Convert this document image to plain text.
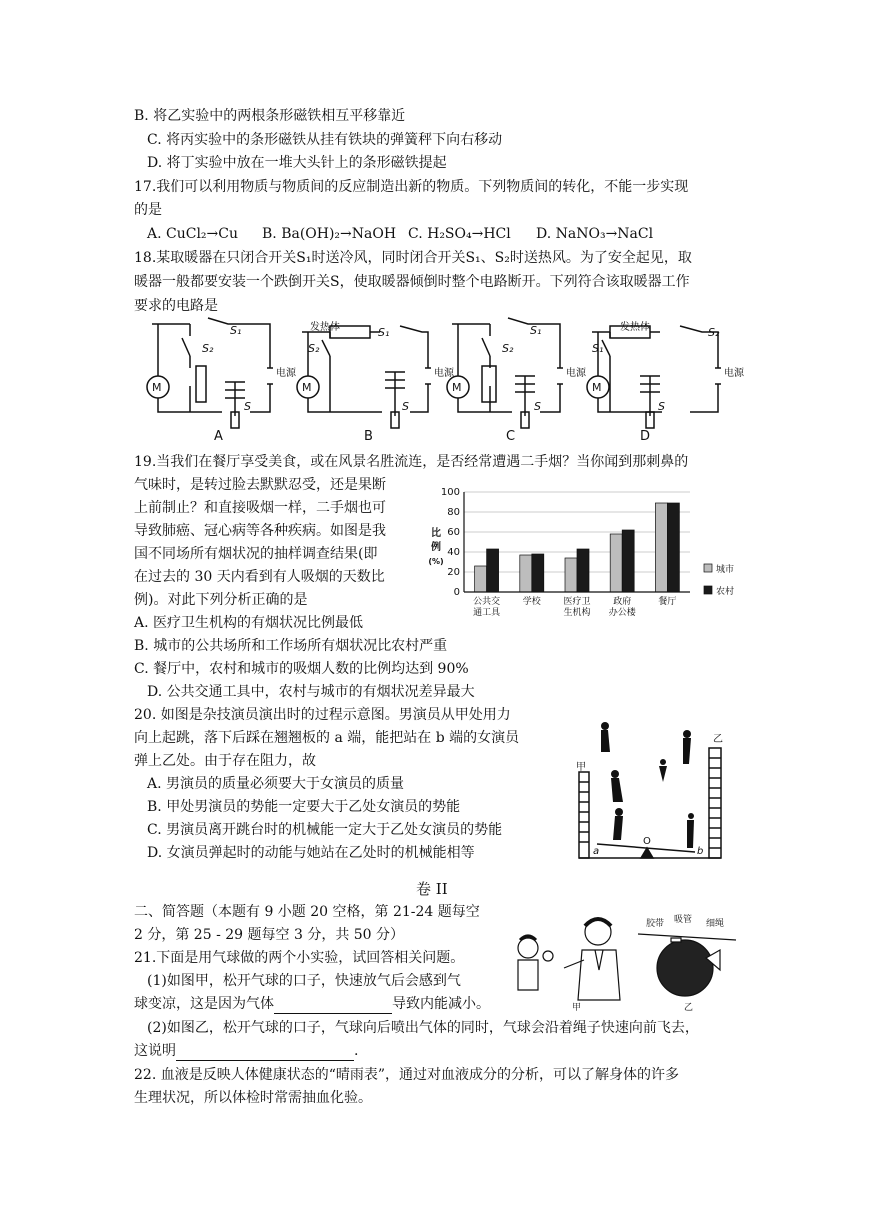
B. 将乙实验中的两根条形磁铁相互平移靠近
C. 将丙实验中的条形磁铁从挂有铁块的弹簧秤下向右移动
D. 将丁实验中放在一堆大头针上的条形磁铁提起
17.我们可以利用物质与物质间的反应制造出新的物质。下列物质间的转化，不能一步实现
的是
A. CuCl₂→Cu B. Ba(OH)₂→NaOH C. H₂SO₄→HCl D. NaNO₃→NaCl
18.某取暖器在只闭合开关S₁时送冷风，同时闭合开关S₁、S₂时送热风。为了安全起见，取
暖器一般都要安装一个跌倒开关S，使取暖器倾倒时整个电路断开。下列符合该取暖器工作
要求的电路是
S₁
S₂
M
S
电源
S₁
发热体
S₂
M
S
电源
S₁
S₂
M
S
电源
S₂
发热体
S₁
M
S
电源
A	B	C	D
19.当我们在餐厅享受美食，或在风景名胜流连，是否经常遭遇二手烟？当你闻到那刺鼻的
气味时，是转过脸去默默忍受，还是果断
上前制止？和直接吸烟一样，二手烟也可
导致肺癌、冠心病等各种疾病。如图是我
国不同场所有烟状况的抽样调查结果(即
在过去的 30 天内看到有人吸烟的天数比
例)。对此下列分析正确的是
A. 医疗卫生机构的有烟状况比例最低
B. 城市的公共场所和工作场所有烟状况比农村严重
C. 餐厅中，农村和城市的吸烟人数的比例均达到 90%
D. 公共交通工具中，农村与城市的有烟状况差异最大
0
20
40
60
80
100
公共交
通工具
学校	医疗卫
生机构
政府
办公楼
餐厅
比
例
(%)
城市
农村
20. 如图是杂技演员演出时的过程示意图。男演员从甲处用力
向上起跳，落下后踩在翘翘板的 a 端，能把站在 b 端的女演员
弹上乙处。由于存在阻力，故
A. 男演员的质量必须要大于女演员的质量
B. 甲处男演员的势能一定要大于乙处女演员的势能
C. 男演员离开跳台时的机械能一定大于乙处女演员的势能
D. 女演员弹起时的动能与她站在乙处时的机械能相等
甲
乙
a
O
b
卷 II
二、简答题（本题有 9 小题 20 空格，第 21-24 题每空
2 分，第 25 - 29 题每空 3 分，共 50 分）
21.下面是用气球做的两个小实验，试回答相关问题。
(1)如图甲，松开气球的口子，快速放气后会感到气
球变凉，这是因为气体	导致内能减小。
(2)如图乙，松开气球的口子，气球向后喷出气体的同时，气球会沿着绳子快速向前飞去，
这说明	.
甲	乙
胶带 吸管 细绳
22. 血液是反映人体健康状态的“晴雨表”，通过对血液成分的分析，可以了解身体的许多
生理状况，所以体检时常需抽血化验。
